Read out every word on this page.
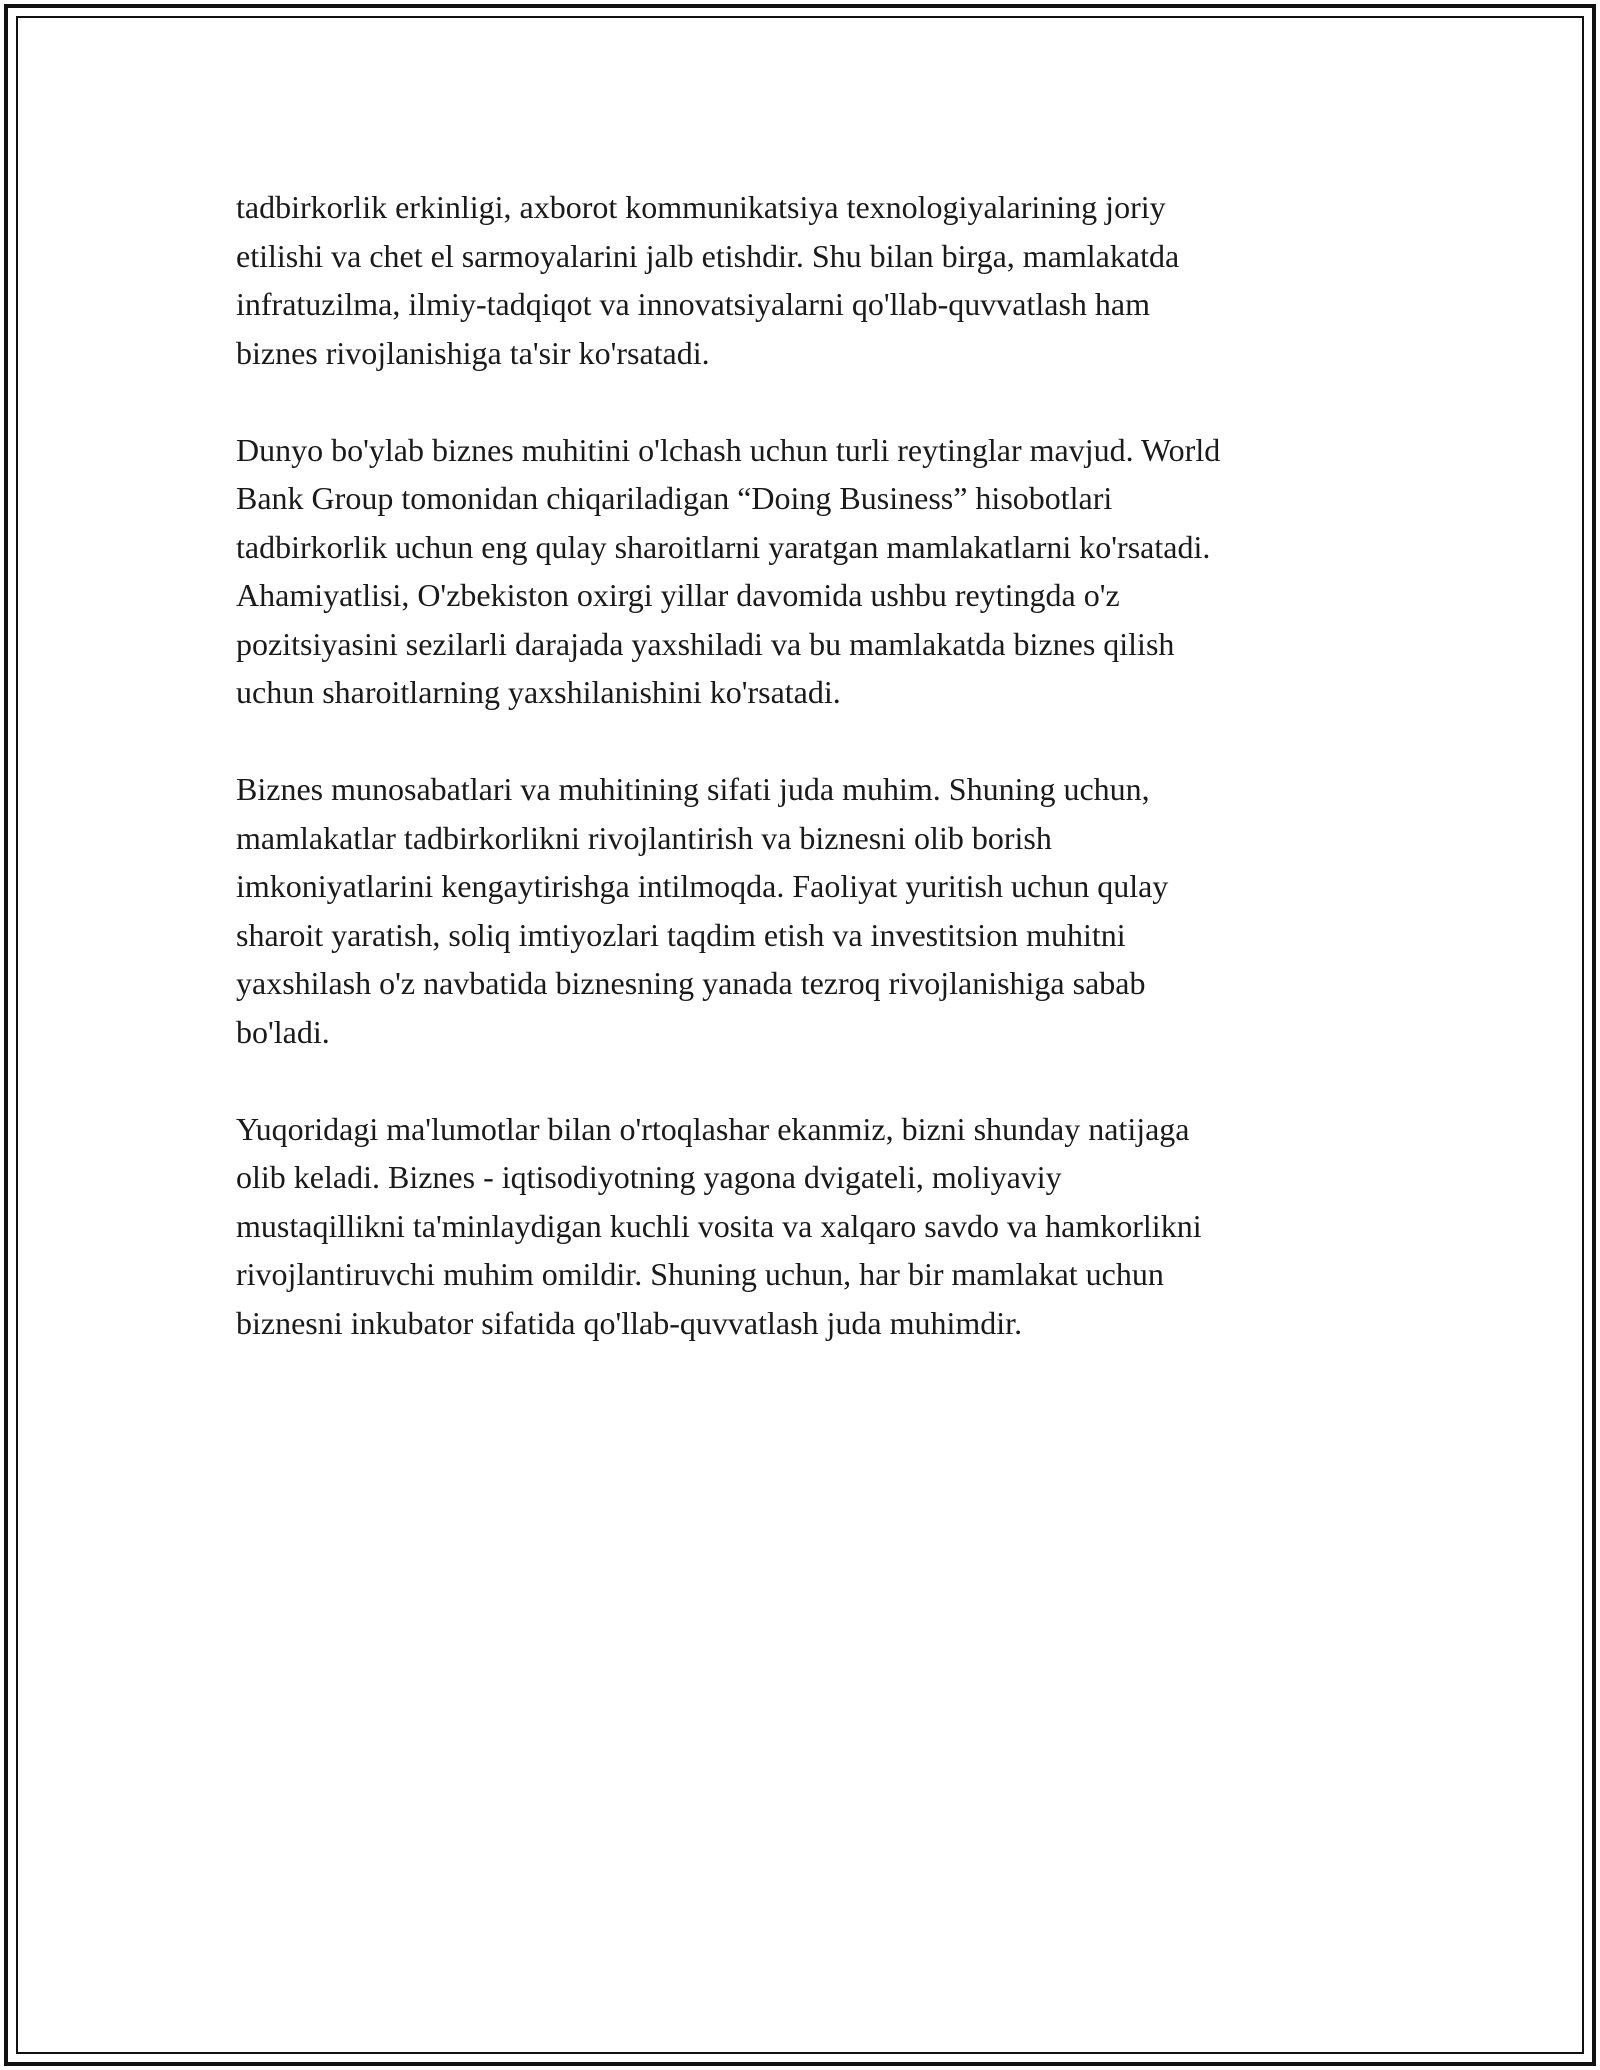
tadbirkorlik erkinligi, axborot kommunikatsiya texnologiyalarining joriy
etilishi va chet el sarmoyalarini jalb etishdir. Shu bilan birga, mamlakatda
infratuzilma, ilmiy-tadqiqot va innovatsiyalarni qo'llab-quvvatlash ham
biznes rivojlanishiga ta'sir ko'rsatadi.

Dunyo bo'ylab biznes muhitini o'lchash uchun turli reytinglar mavjud. World
Bank Group tomonidan chiqariladigan “Doing Business” hisobotlari
tadbirkorlik uchun eng qulay sharoitlarni yaratgan mamlakatlarni ko'rsatadi.
Ahamiyatlisi, O'zbekiston oxirgi yillar davomida ushbu reytingda o'z
pozitsiyasini sezilarli darajada yaxshiladi va bu mamlakatda biznes qilish
uchun sharoitlarning yaxshilanishini ko'rsatadi.

Biznes munosabatlari va muhitining sifati juda muhim. Shuning uchun,
mamlakatlar tadbirkorlikni rivojlantirish va biznesni olib borish
imkoniyatlarini kengaytirishga intilmoqda. Faoliyat yuritish uchun qulay
sharoit yaratish, soliq imtiyozlari taqdim etish va investitsion muhitni
yaxshilash o'z navbatida biznesning yanada tezroq rivojlanishiga sabab
bo'ladi.

Yuqoridagi ma'lumotlar bilan o'rtoqlashar ekanmiz, bizni shunday natijaga
olib keladi. Biznes - iqtisodiyotning yagona dvigateli, moliyaviy
mustaqillikni ta'minlaydigan kuchli vosita va xalqaro savdo va hamkorlikni
rivojlantiruvchi muhim omildir. Shuning uchun, har bir mamlakat uchun
biznesni inkubator sifatida qo'llab-quvvatlash juda muhimdir.
